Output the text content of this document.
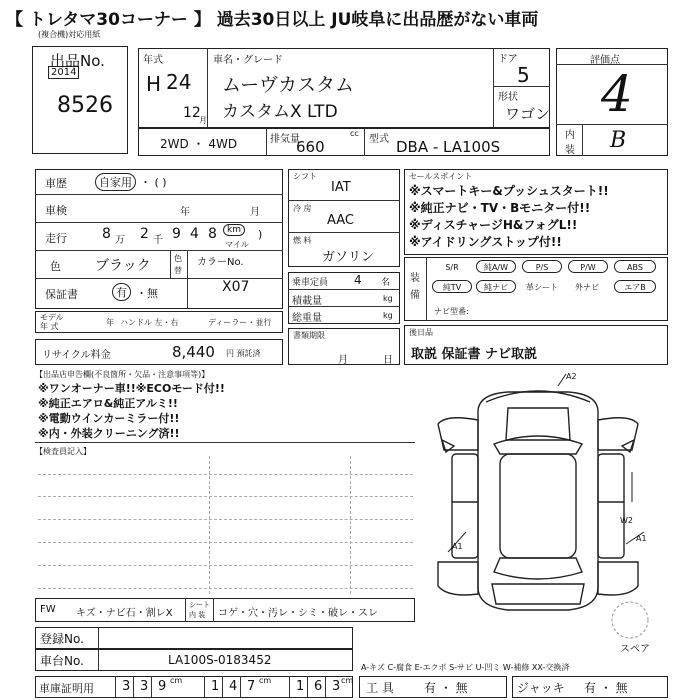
【 トレタマ30コーナー 】 過去30日以上 JU岐阜に出品歴がない車両
(複合機)対応用紙
出品No.
2014
8526
年式
H 24
12
月
車名・グレード
ムーヴカスタム
カスタムX LTD
ドア
5
形状
ワゴン
2WD ・ 4WD	排気量
cc
660	型式 DBA - LA100S
評価点
4
内
装 B
車歴	自家用 ・ ( )
車検	年	月
走行	8 万 2 千 9 4 8	km
マイル
)
色 ブラック	色
替
カラーNo.
X07
保証書	有 ・無
モデル
年 式	年 ハンドル 左・右	ディーラー・並行
リサイクル料金	8,440 円 預託済
シフト
IAT
冷 房
AAC
燃 料
ガソリン
乗車定員 4 名
積載量	kg
総重量	kg
書類期限
月	日
セールスポイント
※スマートキー&プッシュスタート!!
※純正ナビ・TV・Bモニター付!!
※ディスチャージH&フォグL!!
※アイドリングストップ付!!
装
備
S/R	純A/W	P/S	P/W	ABS
純TV	純ナビ	革シート	外ナビ	エアB
ナビ型番:
後日品
取説 保証書 ナビ取説
【出品店申告欄(不良箇所・欠品・注意事項等)】
※ワンオーナー車!!※ECOモード付!!
※純正エアロ&純正アルミ!!
※電動ウインカーミラー付!!
※内・外装クリーニング済!!
【検査員記入】
FW キズ・ナビ石・割レX
シート
内 装 コゲ・穴・汚レ・シミ・破レ・スレ
登録No.
車台No.	LA100S-0183452
車庫証明用 3 3 9 cm 1 4 7 cm 1 6 3 cm
A-キズ C-腐食 E-エクボ S-サビ U-凹ミ W-補修 XX-交換済
工 具	有 ・ 無	ジャッキ 有 ・ 無
A2
A1
W2
A1
スペア
